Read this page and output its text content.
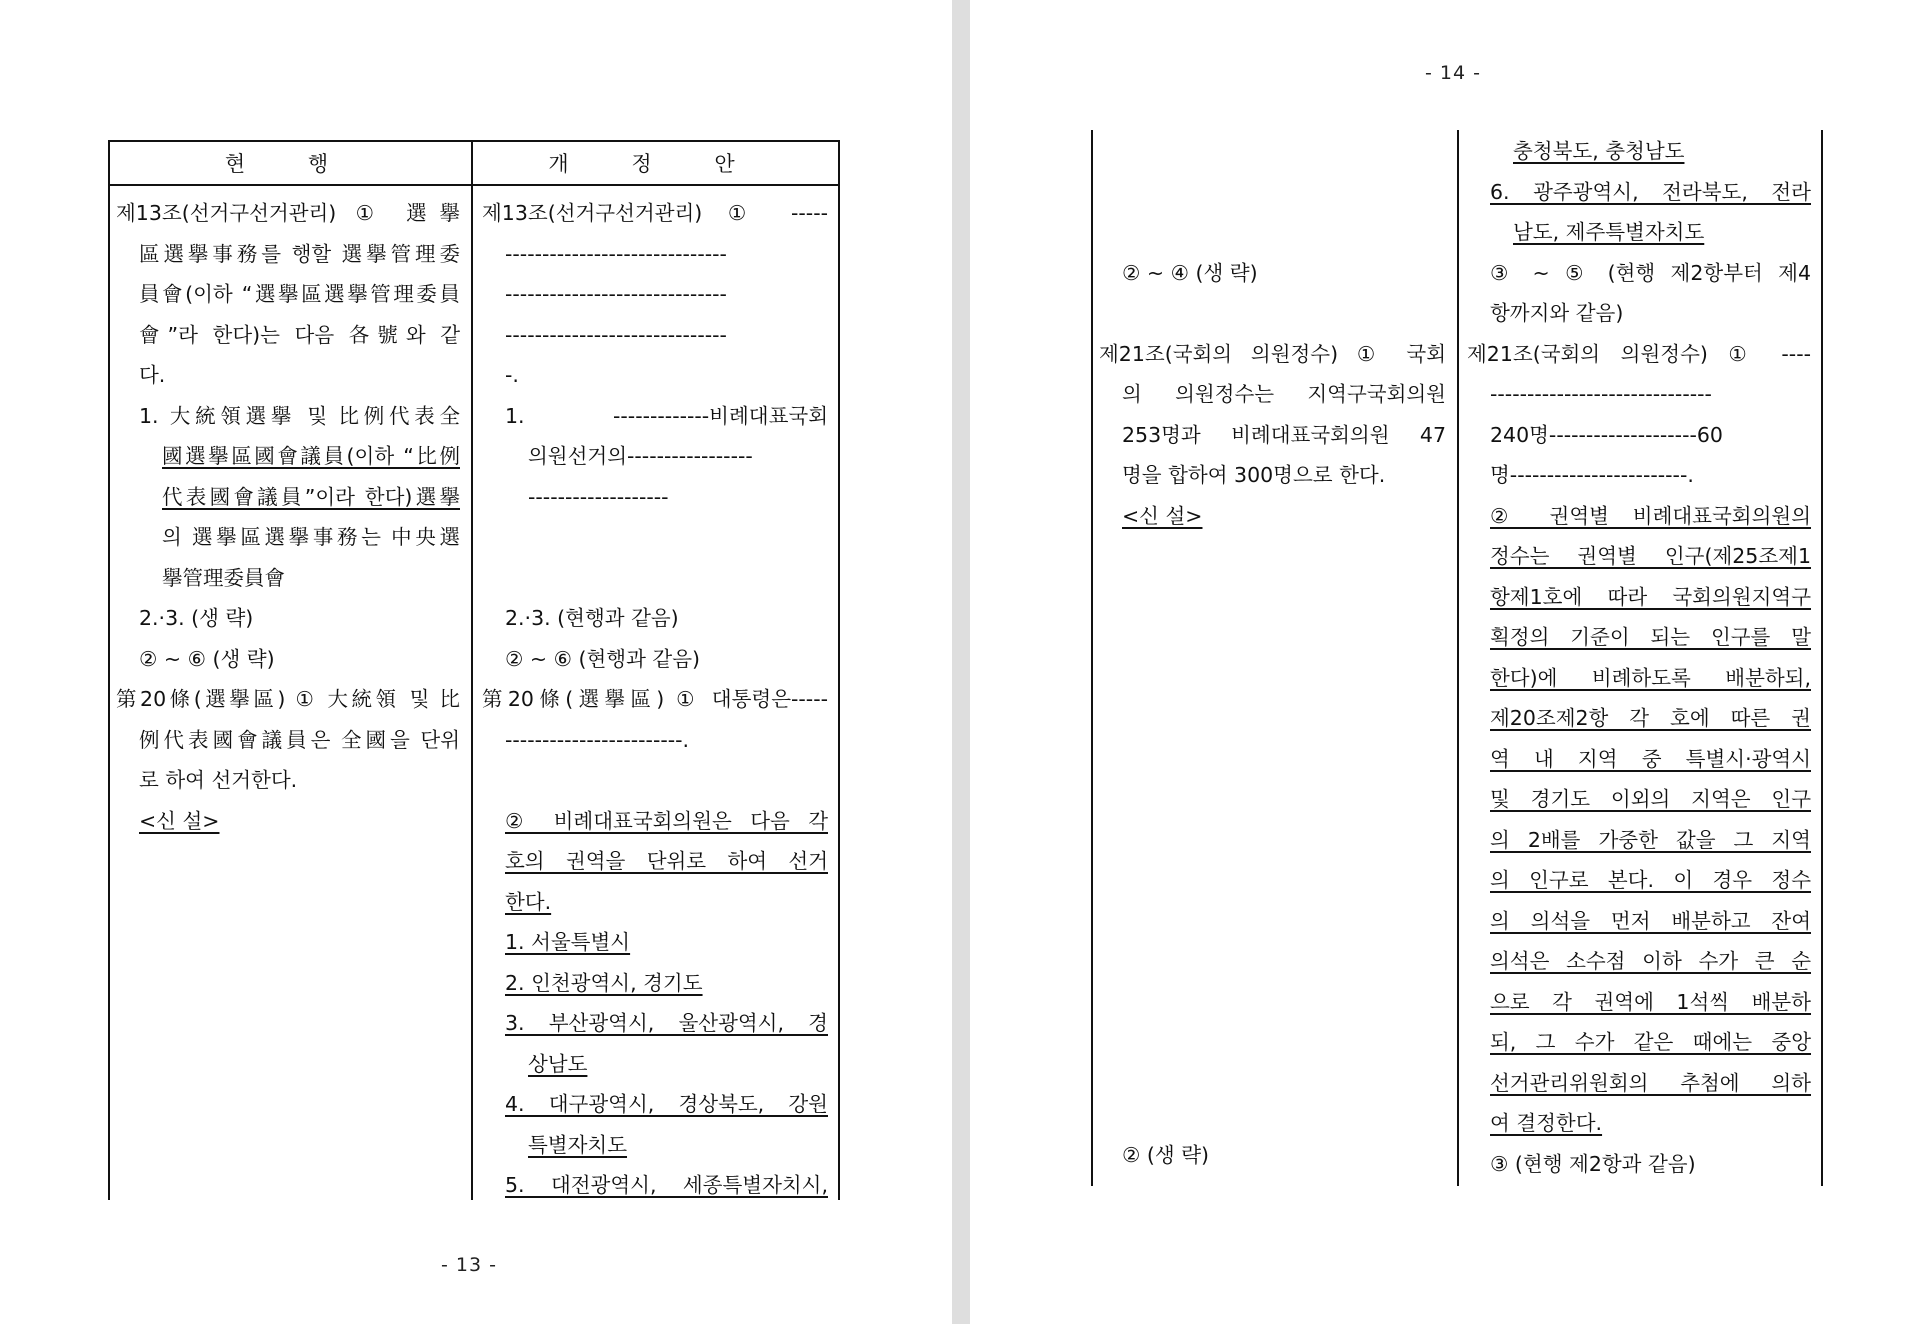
현 행	개 정 안
제13조(선거구선거관리) ① 選擧
區選擧事務를 행할 選擧管理委
員會(이하 “選擧區選擧管理委員
會”라 한다)는 다음 各號와 같
다.
1. 大統領選擧 및 比例代表全
國選擧區國會議員(이하 “比例
代表國會議員”이라 한다)選擧
의 選擧區選擧事務는 中央選
擧管理委員會
2.·3. (생 략)
② ~ ⑥ (생 략)
第20條(選擧區) ① 大統領 및 比
例代表國會議員은 全國을 단위
로 하여 선거한다.
<신 설>
제13조(선거구선거관리) ① -----
------------------------------
------------------------------
------------------------------
-.
1. -------------비례대표국회
의원선거의-----------------
-------------------
2.·3. (현행과 같음)
② ~ ⑥ (현행과 같음)
第20條(選擧區) ① 대통령은-----
------------------------.
② 비례대표국회의원은 다음 각
호의 권역을 단위로 하여 선거
한다.
1. 서울특별시
2. 인천광역시, 경기도
3. 부산광역시, 울산광역시, 경
상남도
4. 대구광역시, 경상북도, 강원
특별자치도
5. 대전광역시, 세종특별자치시,
- 13 -
- 14 -
② ~ ④ (생 략)
제21조(국회의 의원정수) ① 국회
의 의원정수는 지역구국회의원
253명과 비례대표국회의원 47
명을 합하여 300명으로 한다.
<신 설>
충청북도, 충청남도
6. 광주광역시, 전라북도, 전라
남도, 제주특별자치도
③ ~ ⑤ (현행 제2항부터 제4
항까지와 같음)
제21조(국회의 의원정수) ① ----
------------------------------
240명--------------------60
명------------------------.
② 권역별 비례대표국회의원의
정수는 권역별 인구(제25조제1
항제1호에 따라 국회의원지역구
획정의 기준이 되는 인구를 말
한다)에 비례하도록 배분하되,
제20조제2항 각 호에 따른 권
역 내 지역 중 특별시·광역시
및 경기도 이외의 지역은 인구
의 2배를 가중한 값을 그 지역
의 인구로 본다. 이 경우 정수
의 의석을 먼저 배분하고 잔여
의석은 소수점 이하 수가 큰 순
으로 각 권역에 1석씩 배분하
되, 그 수가 같은 때에는 중앙
선거관리위원회의 추첨에 의하
여 결정한다.
③ (현행 제2항과 같음)
② (생 략)
